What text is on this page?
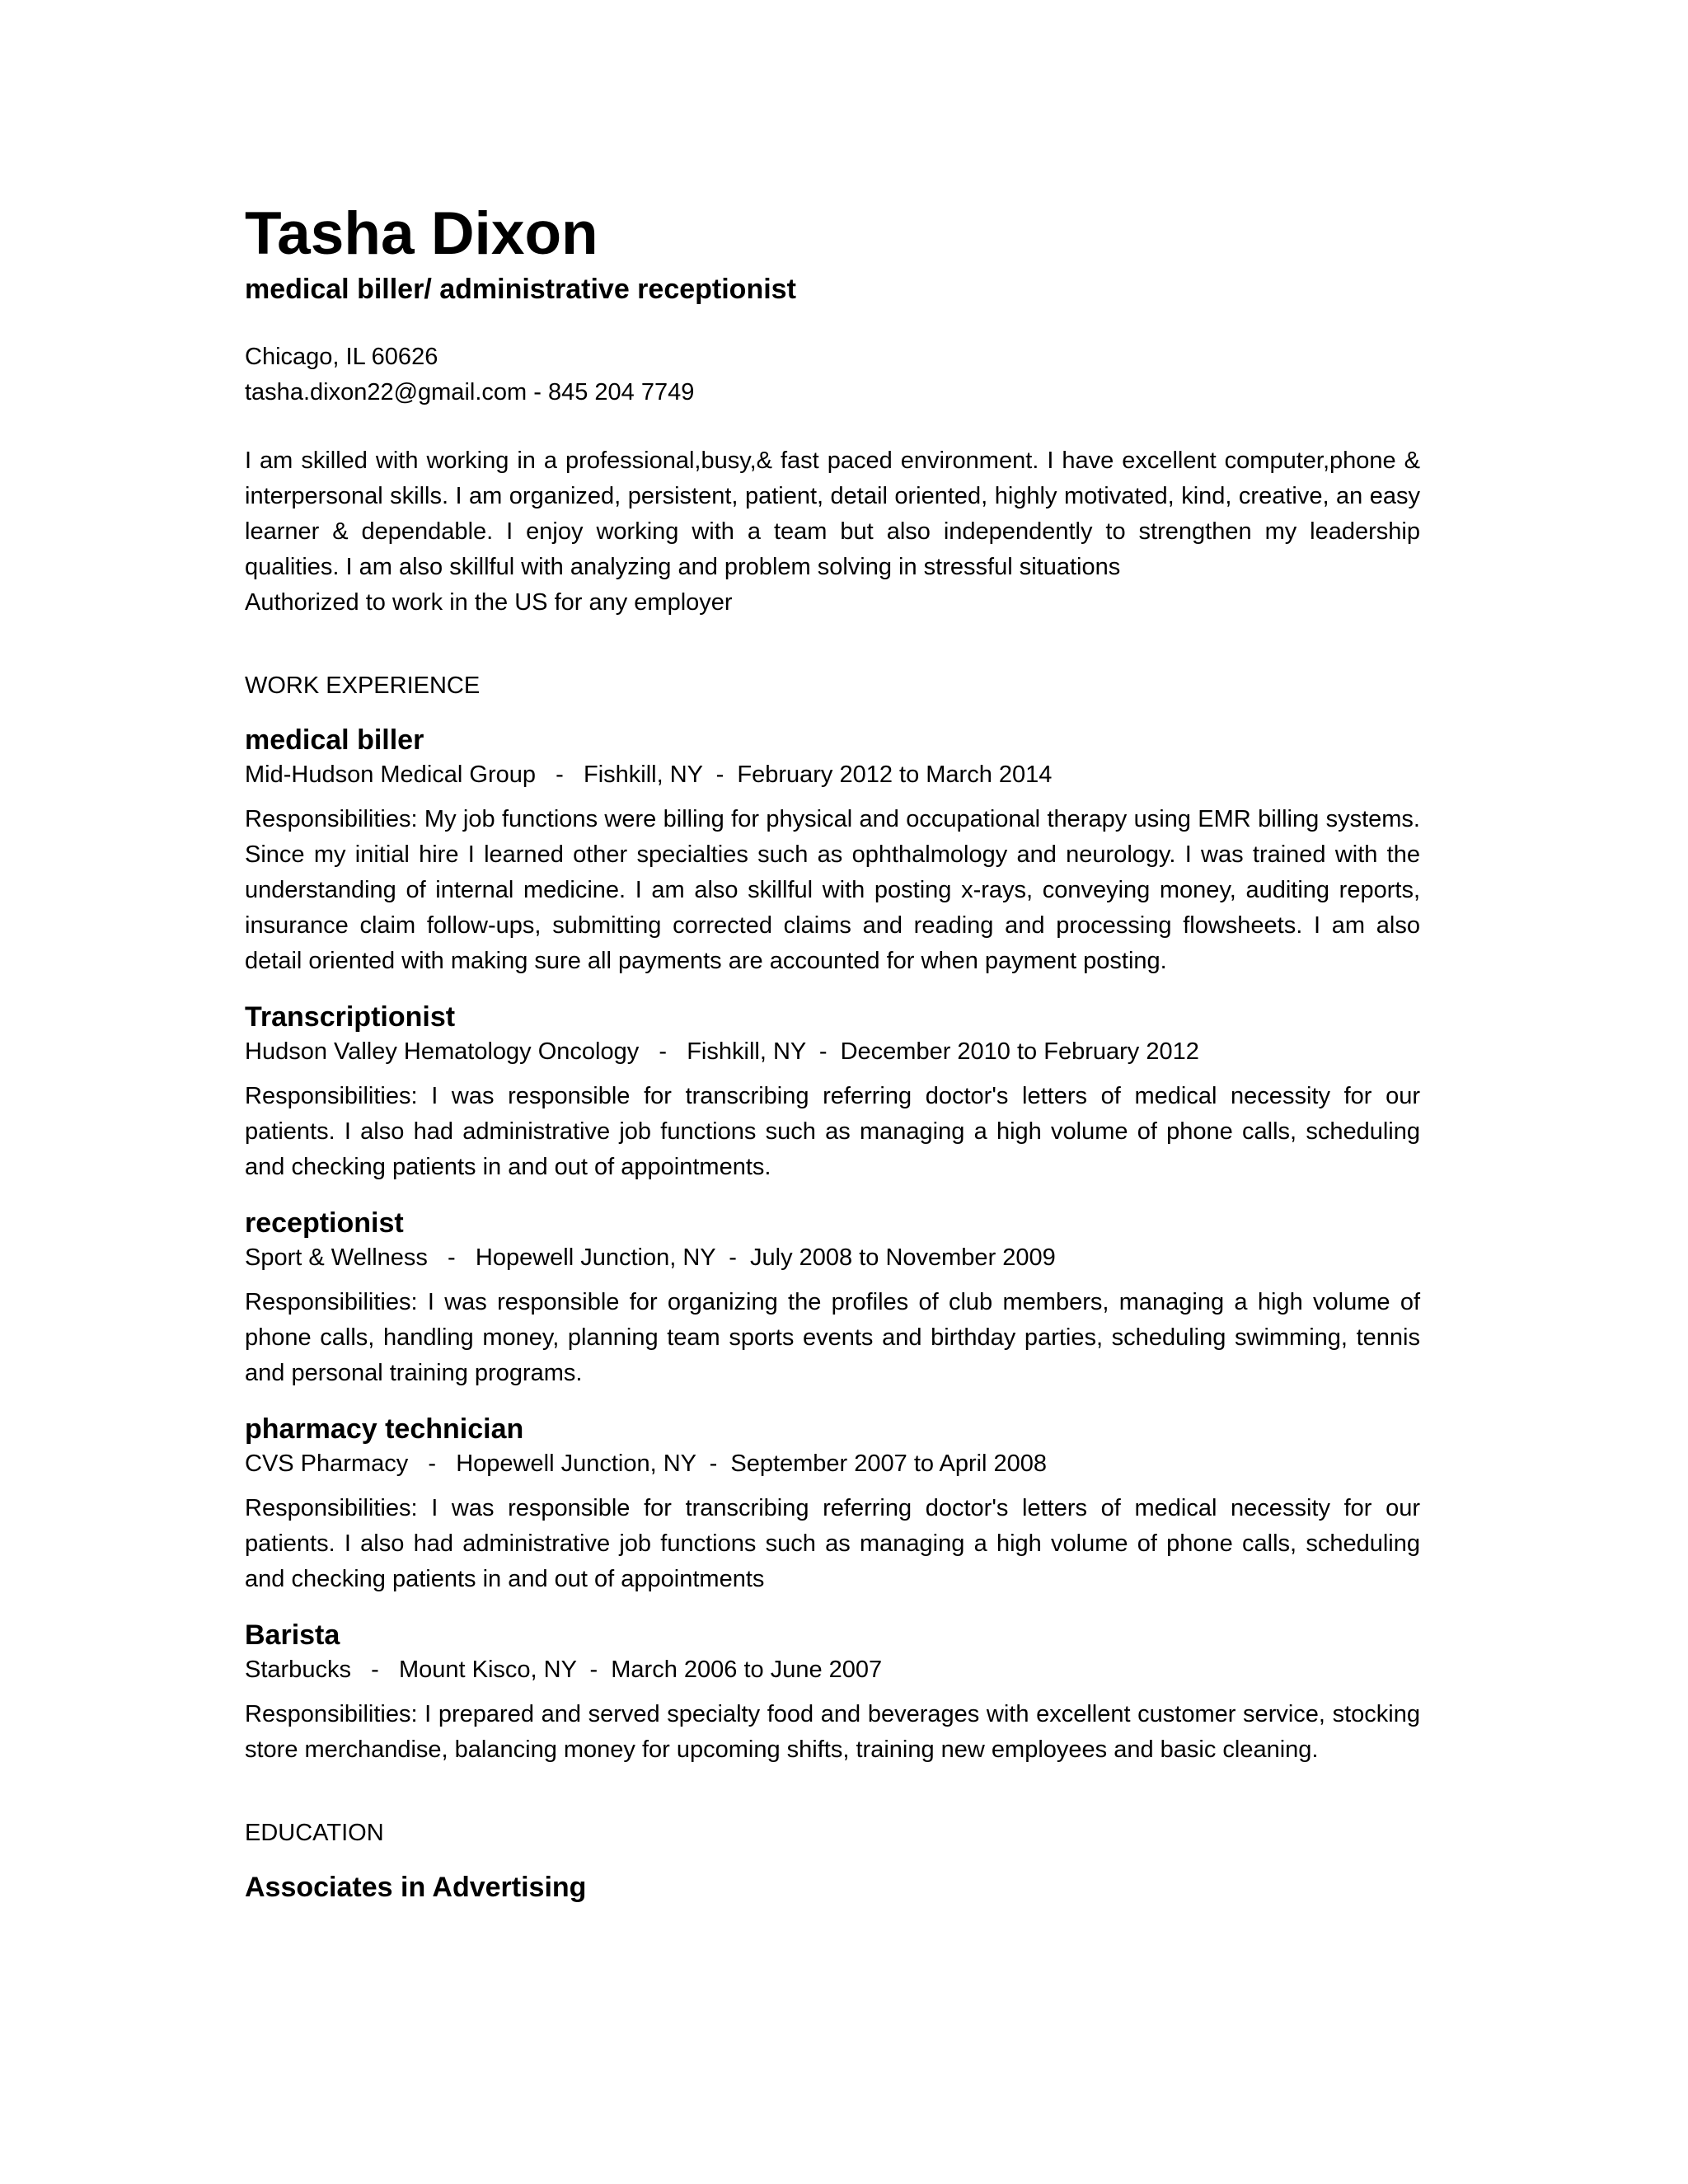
Tasha Dixon
medical biller/ administrative receptionist
Chicago, IL 60626
tasha.dixon22@gmail.com - 845 204 7749

I am skilled with working in a professional,busy,& fast paced environment. I have excellent computer,phone & interpersonal skills. I am organized, persistent, patient, detail oriented, highly motivated, kind, creative, an easy learner & dependable. I enjoy working with a team but also independently to strengthen my leadership qualities. I am also skillful with analyzing and problem solving in stressful situations

Authorized to work in the US for any employer

WORK EXPERIENCE
medical biller
Mid-Hudson Medical Group   -   Fishkill, NY  -  February 2012 to March 2014
Responsibilities: My job functions were billing for physical and occupational therapy using EMR billing systems. Since my initial hire I learned other specialties such as ophthalmology and neurology. I was trained with the understanding of internal medicine. I am also skillful with posting x-rays, conveying money, auditing reports, insurance claim follow-ups, submitting corrected claims and reading and processing flowsheets. I am also detail oriented with making sure all payments are accounted for when payment posting.
Transcriptionist
Hudson Valley Hematology Oncology   -   Fishkill, NY  -  December 2010 to February 2012
Responsibilities: I was responsible for transcribing referring doctor's letters of medical necessity for our patients. I also had administrative job functions such as managing a high volume of phone calls, scheduling and checking patients in and out of appointments.
receptionist
Sport & Wellness   -   Hopewell Junction, NY  -  July 2008 to November 2009
Responsibilities: I was responsible for organizing the profiles of club members, managing a high volume of phone calls, handling money, planning team sports events and birthday parties, scheduling swimming, tennis and personal training programs.
pharmacy technician
CVS Pharmacy   -   Hopewell Junction, NY  -  September 2007 to April 2008
Responsibilities: I was responsible for transcribing referring doctor's letters of medical necessity for our patients. I also had administrative job functions such as managing a high volume of phone calls, scheduling and checking patients in and out of appointments
Barista
Starbucks   -   Mount Kisco, NY  -  March 2006 to June 2007
Responsibilities: I prepared and served specialty food and beverages with excellent customer service, stocking store merchandise, balancing money for upcoming shifts, training new employees and basic cleaning.
EDUCATION
Associates in Advertising
